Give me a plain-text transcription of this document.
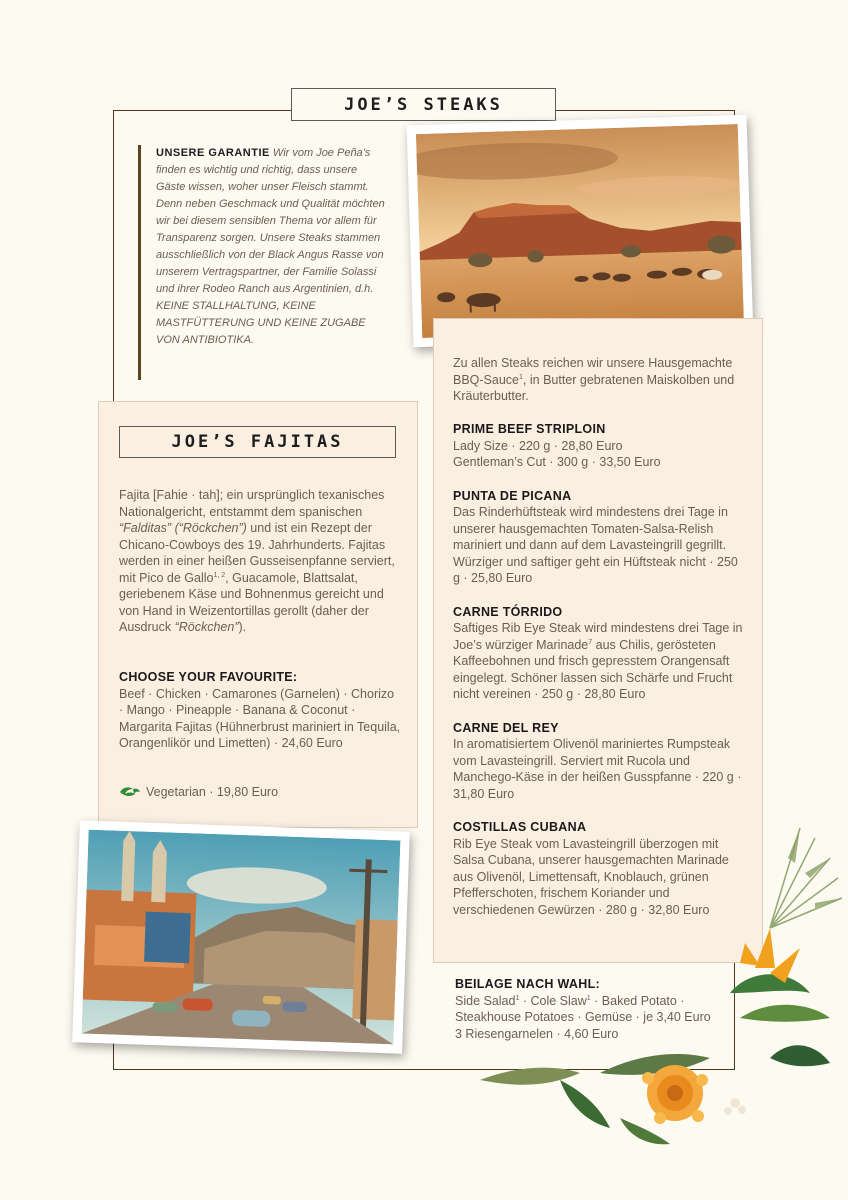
JOE’S STEAKS
UNSERE GARANTIE Wir vom Joe Peña’s finden es wichtig und richtig, dass unsere Gäste wissen, woher unser Fleisch stammt. Denn neben Geschmack und Qualität möchten wir bei diesem sensiblen Thema vor allem für Transparenz sorgen. Unsere Steaks stammen ausschließlich von der Black Angus Rasse von unserem Vertragspartner, der Familie Solassi und ihrer Rodeo Ranch aus Argentinien, d.h. KEINE STALLHALTUNG, KEINE MASTFÜTTERUNG UND KEINE ZUGABE VON ANTIBIOTIKA.
JOE’S FAJITAS
Fajita [Fahie · tah]; ein ursprünglich texanisches Nationalgericht, entstammt dem spanischen “Falditas” (“Röckchen”) und ist ein Rezept der Chicano-Cowboys des 19. Jahrhunderts. Fajitas werden in einer heißen Gusseisenpfanne serviert, mit Pico de Gallo$^{1, 2}$, Guacamole, Blattsalat, geriebenem Käse und Bohnenmus gereicht und von Hand in Weizentortillas gerollt (daher der Ausdruck “Röckchen”).
CHOOSE YOUR FAVOURITE:
Beef · Chicken · Camarones (Garnelen) · Chorizo · Mango · Pineapple · Banana & Coconut · Margarita Fajitas (Hühnerbrust mariniert in Tequila, Orangenlikör und Limetten) · 24,60 Euro
Vegetarian · 19,80 Euro
Zu allen Steaks reichen wir unsere Hausgemachte BBQ-Sauce$^1$, in Butter gebratenen Maiskolben und Kräuterbutter.
PRIME BEEF STRIPLOIN
Lady Size · 220 g · 28,80 Euro
Gentleman’s Cut · 300 g · 33,50 Euro
PUNTA DE PICANA
Das Rinderhüftsteak wird mindestens drei Tage in unserer hausgemachten Tomaten-Salsa-Relish mariniert und dann auf dem Lavasteingrill gegrillt. Würziger und saftiger geht ein Hüftsteak nicht · 250 g · 25,80 Euro
CARNE TÓRRIDO
Saftiges Rib Eye Steak wird mindestens drei Tage in Joe’s würziger Marinade$^7$ aus Chilis, gerösteten Kaffeebohnen und frisch gepresstem Orangensaft eingelegt. Schöner lassen sich Schärfe und Frucht nicht vereinen · 250 g · 28,80 Euro
CARNE DEL REY
In aromatisiertem Olivenöl mariniertes Rumpsteak vom Lavasteingrill. Serviert mit Rucola und Manchego-Käse in der heißen Gusspfanne · 220 g · 31,80 Euro
COSTILLAS CUBANA
Rib Eye Steak vom Lavasteingrill überzogen mit Salsa Cubana, unserer hausgemachten Marinade aus Olivenöl, Limettensaft, Knoblauch, grünen Pfefferschoten, frischem Koriander und verschiedenen Gewürzen · 280 g · 32,80 Euro
BEILAGE NACH WAHL:
Side Salad$^1$ · Cole Slaw$^1$ · Baked Potato · Steakhouse Potatoes · Gemüse · je 3,40 Euro
3 Riesengarnelen · 4,60 Euro
